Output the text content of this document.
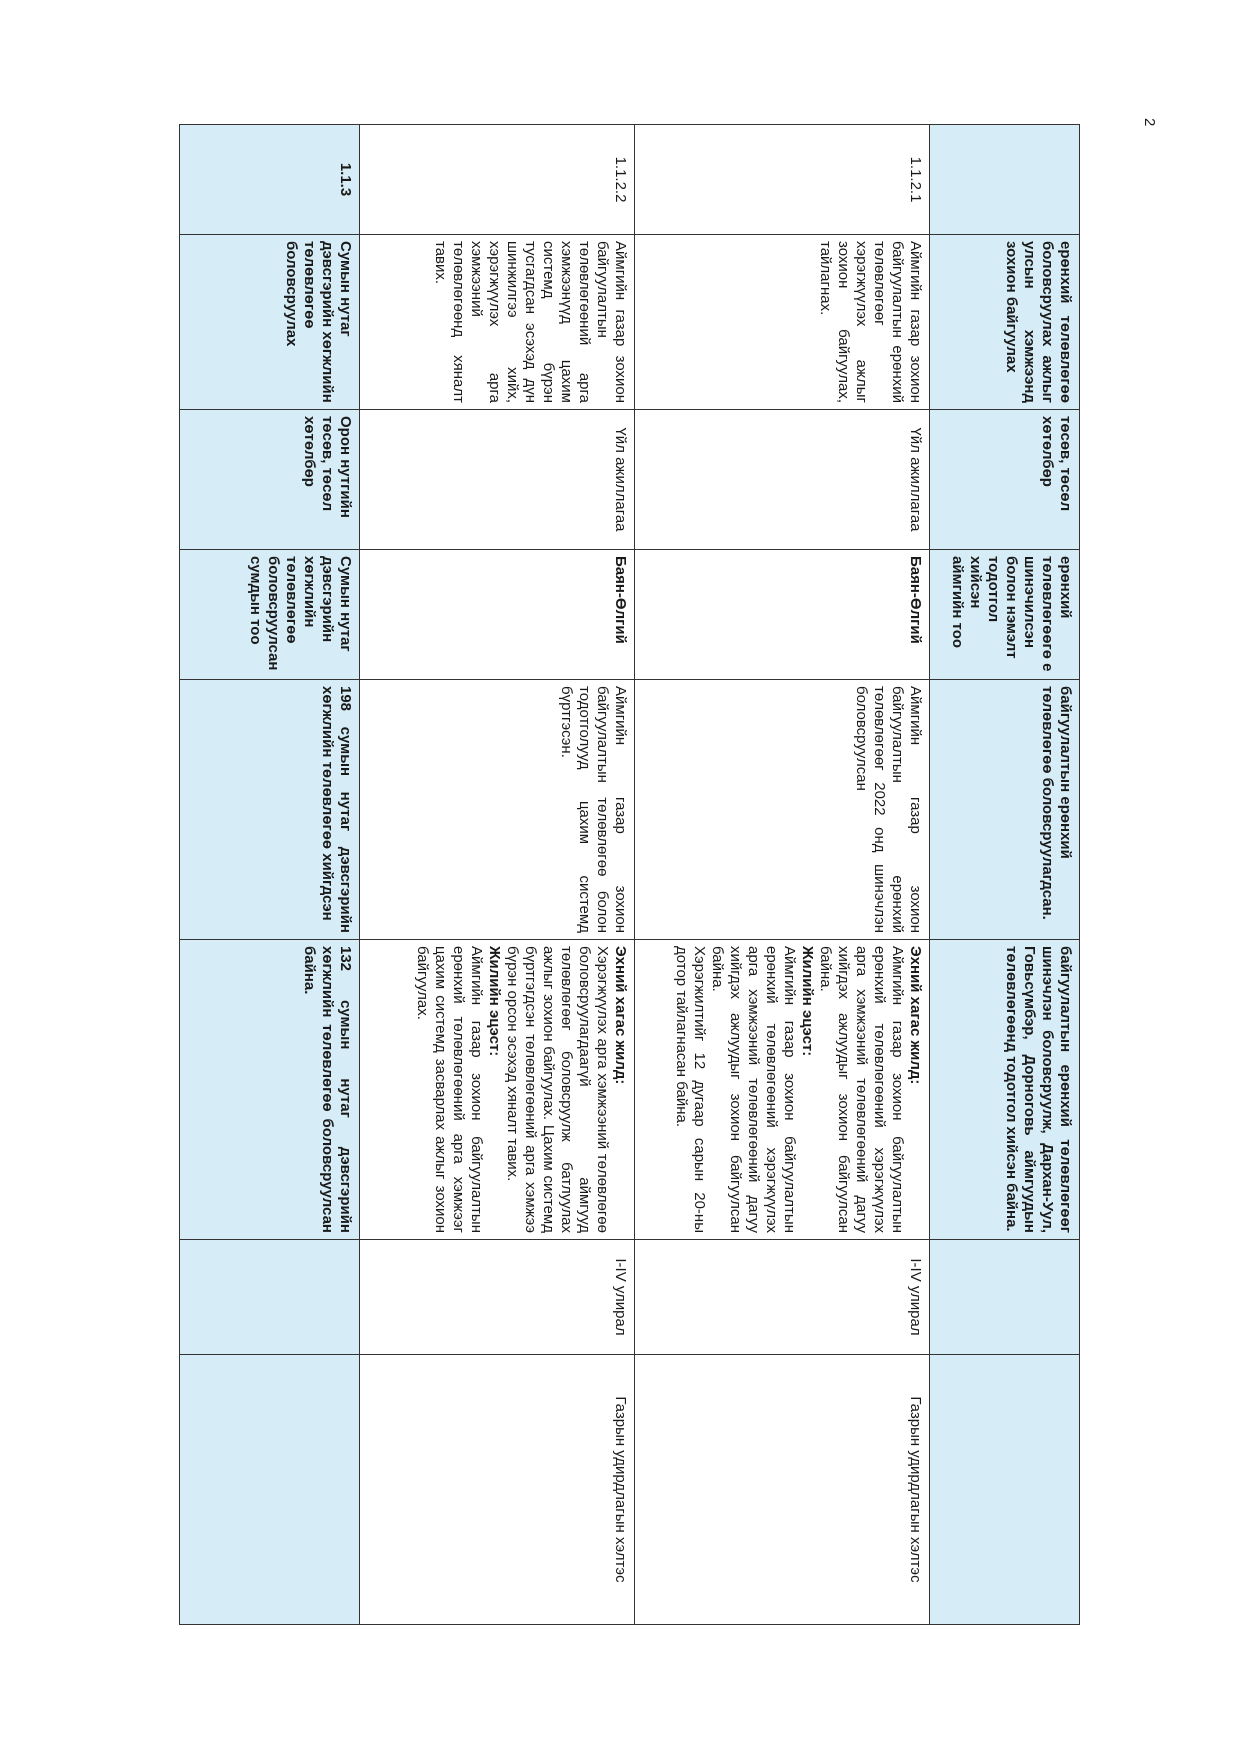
2
	ерөнхий төлөвлөгөө боловсруулах ажлыг улсын хэмжээнд зохион байгуулах	төсөв, төсөл хөтөлбөр	ерөнхий төлөвлөгөөгө е шинэчилсэн болон нэмэлт тодотгол хийсэн аймгийн тоо	байгуулалтын ерөнхий төлөвлөгөө боловсруулагдсан.	байгуулалтын ерөнхий төлөвлөгөөг шинэчлэн боловсруулж, Дархан-Уул, Говьсүмбэр, Дорноговь аймгуудын төлөвлөгөөнд тодотгол хийсэн байна.		
1.1.2.1	Аймгийн газар зохион байгуулалтын ерөнхий төлөвлөгөөг хэрэгжүүлэх ажлыг зохион байгуулах, тайлагнах.	Үйл ажиллагаа	Баян-Өлгий	Аймгийн газар зохион байгуулалтын ерөнхий төлөвлөгөөг 2022 онд шинэчлэн боловсруулсан	Эхний хагас жилд:
Аймгийн газар зохион байгуулалтын ерөнхий төлөвлөгөөний хэрэгжүүлэх арга хэмжээний төлөвлөгөөний дагуу хийгдэх ажлуудыг зохион байгуулсан байна.
Жилийн эцэст:
Аймгийн газар зохион байгуулалтын ерөнхий төлөвлөгөөний хэрэгжүүлэх арга хэмжээний төлөвлөгөөний дагуу хийгдэх ажлуудыг зохион байгуулсан байна.
Хэрэгжилтийг 12 дугаар сарын 20-ны дотор тайлагнасан байна.	I-IV улирал	Газрын удирдлагын хэлтэс
1.1.2.2	Аймгийн газар зохион байгуулалтын төлөвлөгөөний арга хэмжээнүүд цахим системд бүрэн тусгагдсан эсэхэд дүн шинжилгээ хийх, хэрэгжүүлэх арга хэмжээний төлөвлөгөөнд хяналт тавих.	Үйл ажиллагаа	Баян-Өлгий	Аймгийн газар зохион байгуулалтын төлөвлөгөө болон тодотголууд цахим системд бүртгэсэн.	Эхний хагас жилд:
Хэрэгжүүлэх арга хэмжээний төлөвлөгөө боловсруулагдаагүй аймгууд төлөвлөгөөг боловсруулж батлуулах ажлыг зохион байгуулах. Цахим системд бүртгэгдсэн төлөвлөгөөний арга хэмжээ бүрэн орсон эсэхэд хяналт тавих.
Жилийн эцэст:
Аймгийн газар зохион байгуулалтын ерөнхий төлөвлөгөөний арга хэмжээг цахим системд засварлах ажлыг зохион байгуулах.	I-IV улирал	Газрын удирдлагын хэлтэс
1.1.3	Сумын нутаг дэвсгэрийн хөгжлийн төлөвлөгөө боловсруулах	Орон нутгийн төсөв, төсөл хөтөлбөр	Сумын нутаг дэвсгэрийн хөгжлийн төлөвлөгөө боловсруулсан сумдын тоо	198 сумын нутаг дэвсгэрийн хөгжлийн төлөвлөгөө хийгдсэн	132 сумын нутаг дэвсгэрийн хөгжлийн төлөвлөгөө боловсруулсан байна.		
